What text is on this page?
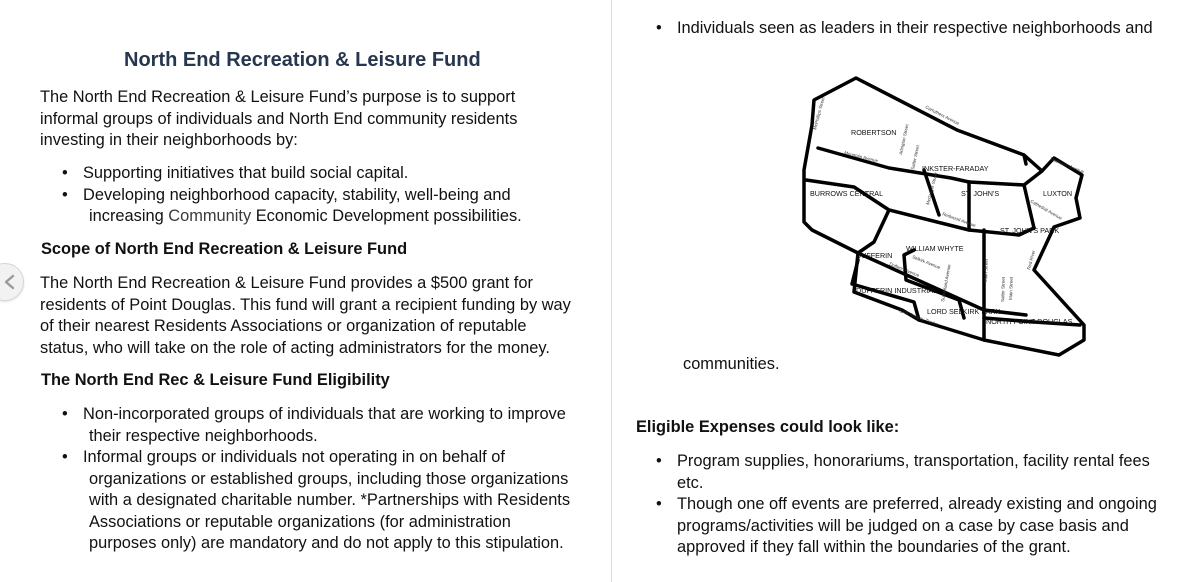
North End Recreation & Leisure Fund
The North End Recreation & Leisure Fund’s purpose is to support
informal groups of individuals and North End community residents
investing in their neighborhoods by:
• Supporting initiatives that build social capital.
• Developing neighborhood capacity, stability, well-being and
increasing Community Economic Development possibilities.
Scope of North End Recreation & Leisure Fund
The North End Recreation & Leisure Fund provides a $500 grant for
residents of Point Douglas. This fund will grant a recipient funding by way
of their nearest Residents Associations or organization of reputable
status, who will take on the role of acting administrators for the money.
The North End Rec & Leisure Fund Eligibility
• Non-incorporated groups of individuals that are working to improve
their respective neighborhoods.
• Informal groups or individuals not operating in on behalf of
organizations or established groups, including those organizations
with a designated charitable number. *Partnerships with Residents
Associations or reputable organizations (for administration
purposes only) are mandatory and do not apply to this stipulation.
• Individuals seen as leaders in their respective neighborhoods and
communities.
Eligible Expenses could look like:
• Program supplies, honorariums, transportation, facility rental fees
etc.
• Though one off events are preferred, already existing and ongoing
programs/activities will be judged on a case by case basis and
approved if they fall within the boundaries of the grant.
ROBERTSON
INKSTER-FARADAY
BURROWS CENTRAL	ST. JOHN'S	LUXTON
ST. JOHN'S PARK
WILLIAM WHYTE
DUFFERIN
DUFFERIN INDUSTRIAL
LORD SELKIRK PARK
NORTH POINT DOUGLAS
McPhillips Street	Carruthers Avenue
Mountain Avenue
Arlington Street
Salter Street
McGregor Street
Redwood Avenue
Selkirk Avenue
Dufferin Avenue	Sutherland Avenue	Main Street
Salter Street
CPR Railway Tracks
Red River
Cathedral Avenue
Matheson Avenue
Main Street
